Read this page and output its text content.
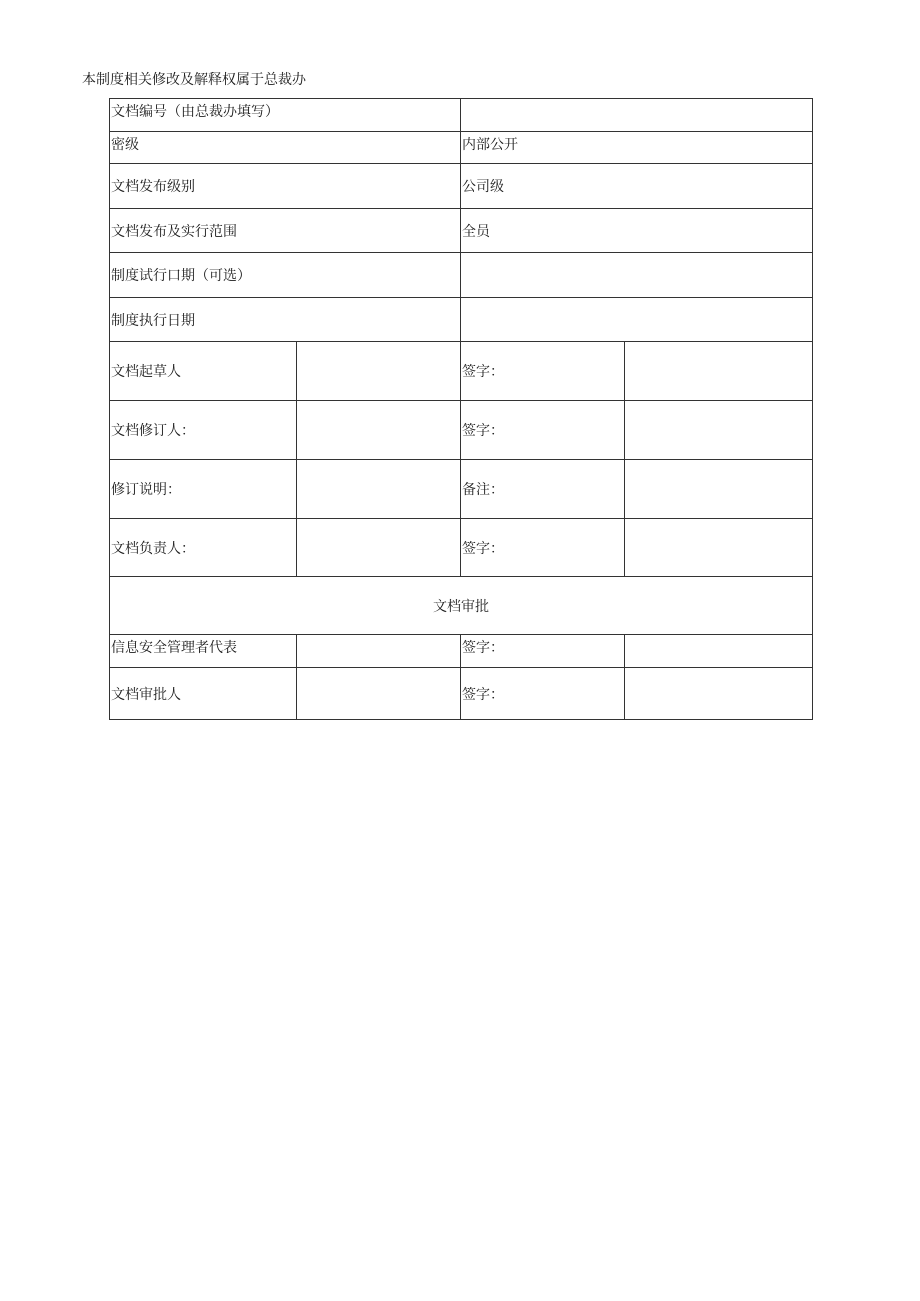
本制度相关修改及解释权属于总裁办
文档编号（由总裁办填写）			
密级		内部公开	
文档发布级别		公司级	
文档发布及实行范围		全员	
制度试行口期（可选）			
制度执行日期			
文档起草人		签字：	
文档修订人：		签字：	
修订说明：		备注：	
文档负责人：		签字：	
文档审批			
信息安全管理者代表		签字：	
文档审批人		签字：	
